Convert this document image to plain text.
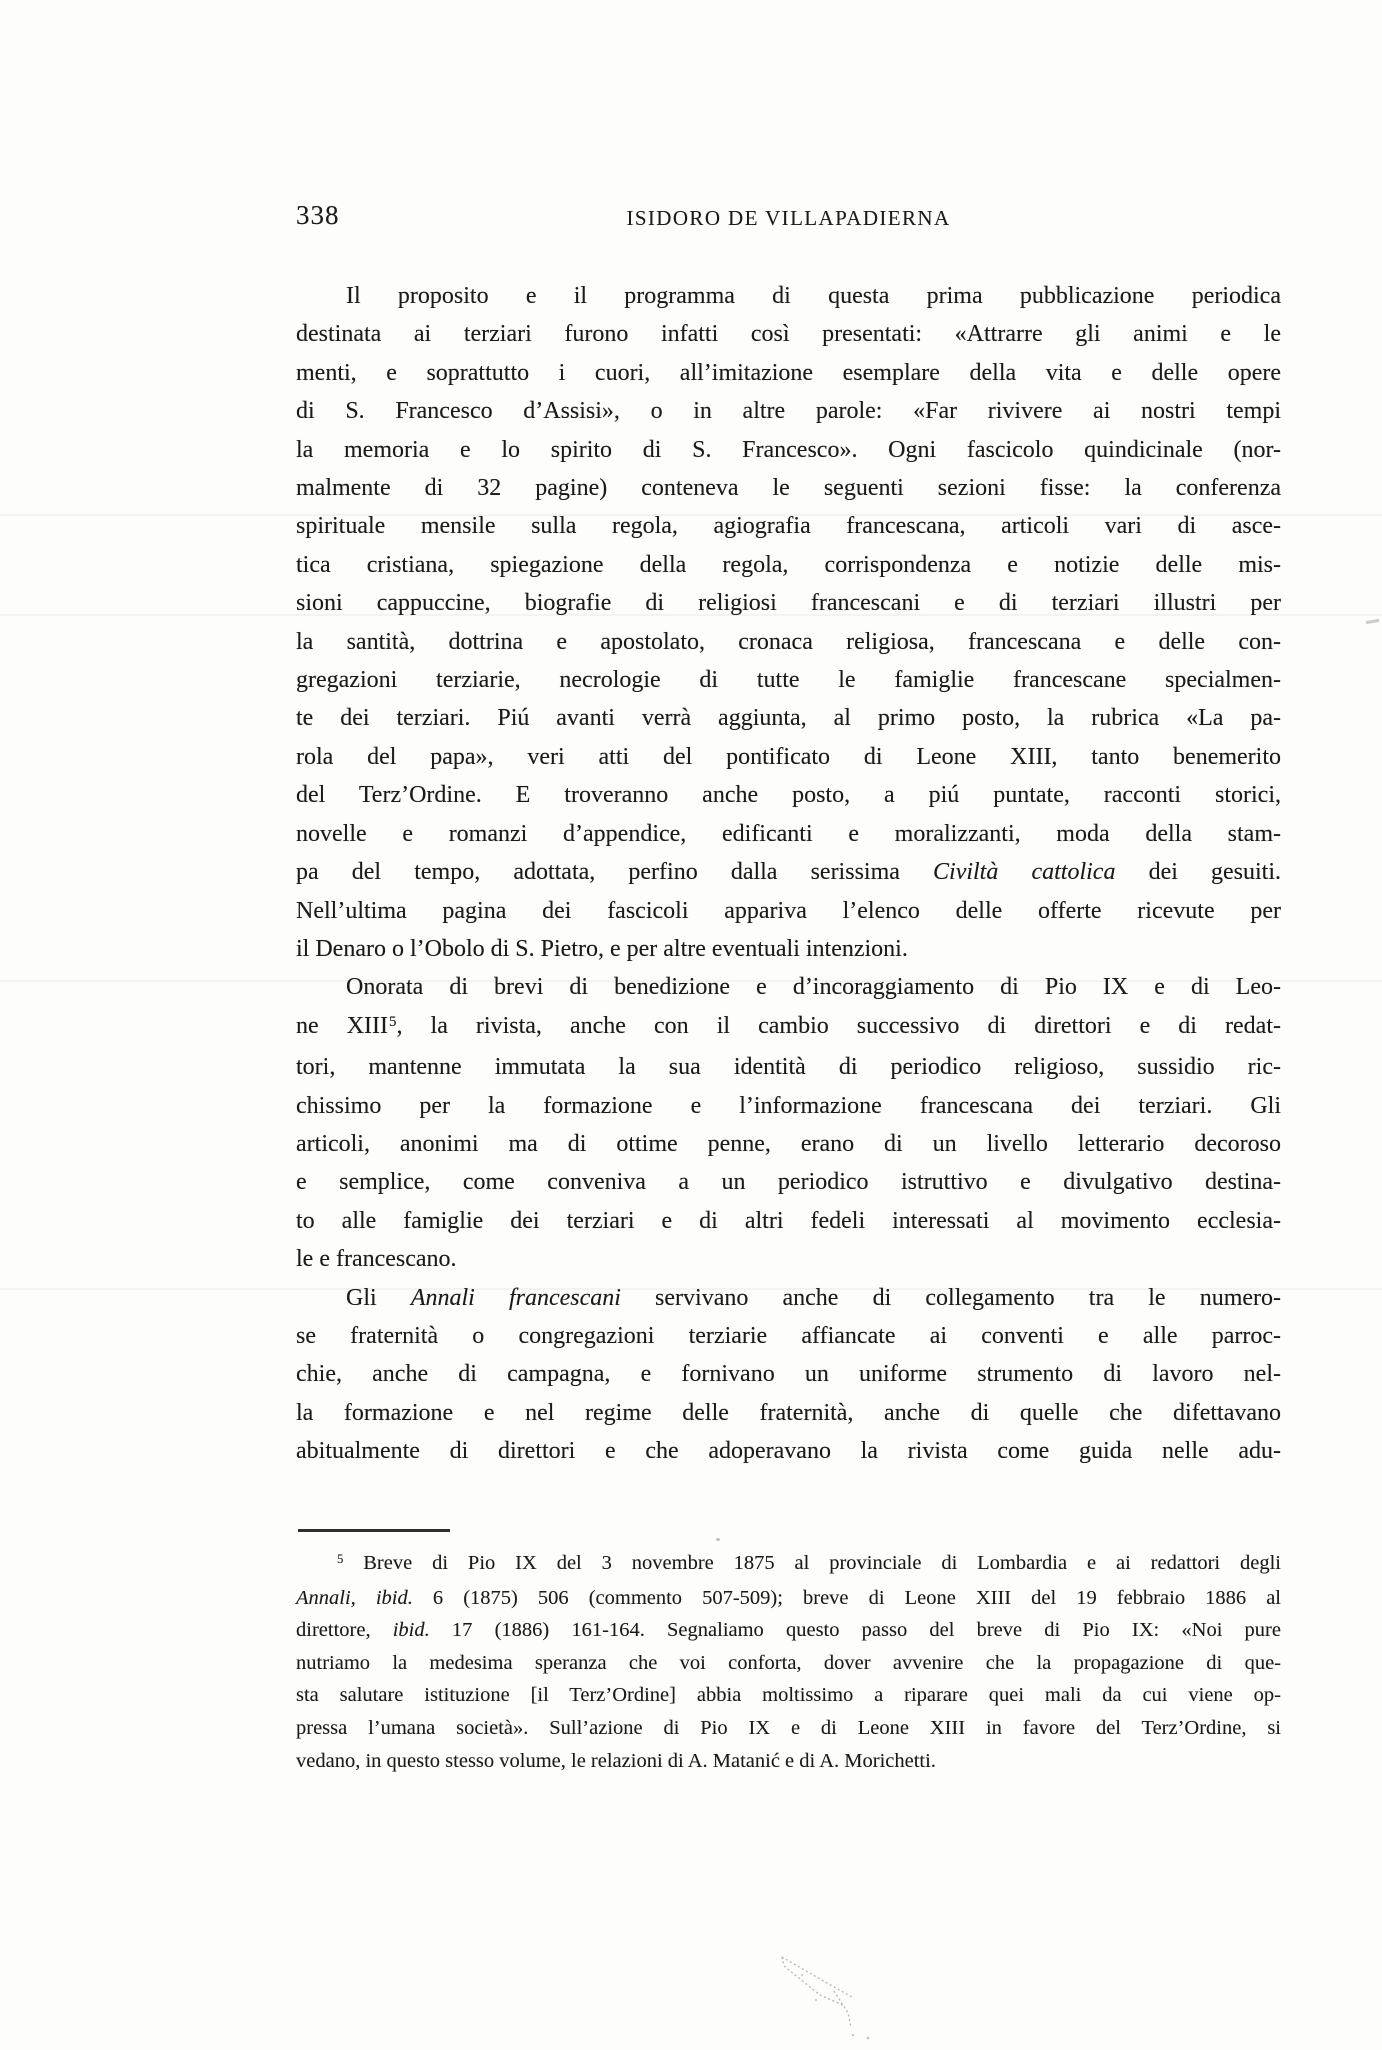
338	ISIDORO DE VILLAPADIERNA
Il proposito e il programma di questa prima pubblicazione periodica
destinata ai terziari furono infatti così presentati: «Attrarre gli animi e le
menti, e soprattutto i cuori, all’imitazione esemplare della vita e delle opere
di S. Francesco d’Assisi», o in altre parole: «Far rivivere ai nostri tempi
la memoria e lo spirito di S. Francesco». Ogni fascicolo quindicinale (nor-
malmente di 32 pagine) conteneva le seguenti sezioni fisse: la conferenza
spirituale mensile sulla regola, agiografia francescana, articoli vari di asce-
tica cristiana, spiegazione della regola, corrispondenza e notizie delle mis-
sioni cappuccine, biografie di religiosi francescani e di terziari illustri per
la santità, dottrina e apostolato, cronaca religiosa, francescana e delle con-
gregazioni terziarie, necrologie di tutte le famiglie francescane specialmen-
te dei terziari. Piú avanti verrà aggiunta, al primo posto, la rubrica «La pa-
rola del papa», veri atti del pontificato di Leone XIII, tanto benemerito
del Terz’Ordine. E troveranno anche posto, a piú puntate, racconti storici,
novelle e romanzi d’appendice, edificanti e moralizzanti, moda della stam-
pa del tempo, adottata, perfino dalla serissima Civiltà cattolica dei gesuiti.
Nell’ultima pagina dei fascicoli appariva l’elenco delle offerte ricevute per
il Denaro o l’Obolo di S. Pietro, e per altre eventuali intenzioni.
Onorata di brevi di benedizione e d’incoraggiamento di Pio IX e di Leo-
ne XIII$^5$, la rivista, anche con il cambio successivo di direttori e di redat-
tori, mantenne immutata la sua identità di periodico religioso, sussidio ric-
chissimo per la formazione e l’informazione francescana dei terziari. Gli
articoli, anonimi ma di ottime penne, erano di un livello letterario decoroso
e semplice, come conveniva a un periodico istruttivo e divulgativo destina-
to alle famiglie dei terziari e di altri fedeli interessati al movimento ecclesia-
le e francescano.
Gli Annali francescani servivano anche di collegamento tra le numero-
se fraternità o congregazioni terziarie affiancate ai conventi e alle parroc-
chie, anche di campagna, e fornivano un uniforme strumento di lavoro nel-
la formazione e nel regime delle fraternità, anche di quelle che difettavano
abitualmente di direttori e che adoperavano la rivista come guida nelle adu-
$^5$ Breve di Pio IX del 3 novembre 1875 al provinciale di Lombardia e ai redattori degli
Annali, ibid. 6 (1875) 506 (commento 507-509); breve di Leone XIII del 19 febbraio 1886 al
direttore, ibid. 17 (1886) 161-164. Segnaliamo questo passo del breve di Pio IX: «Noi pure
nutriamo la medesima speranza che voi conforta, dover avvenire che la propagazione di que-
sta salutare istituzione [il Terz’Ordine] abbia moltissimo a riparare quei mali da cui viene op-
pressa l’umana società». Sull’azione di Pio IX e di Leone XIII in favore del Terz’Ordine, si
vedano, in questo stesso volume, le relazioni di A. Matanić e di A. Morichetti.
